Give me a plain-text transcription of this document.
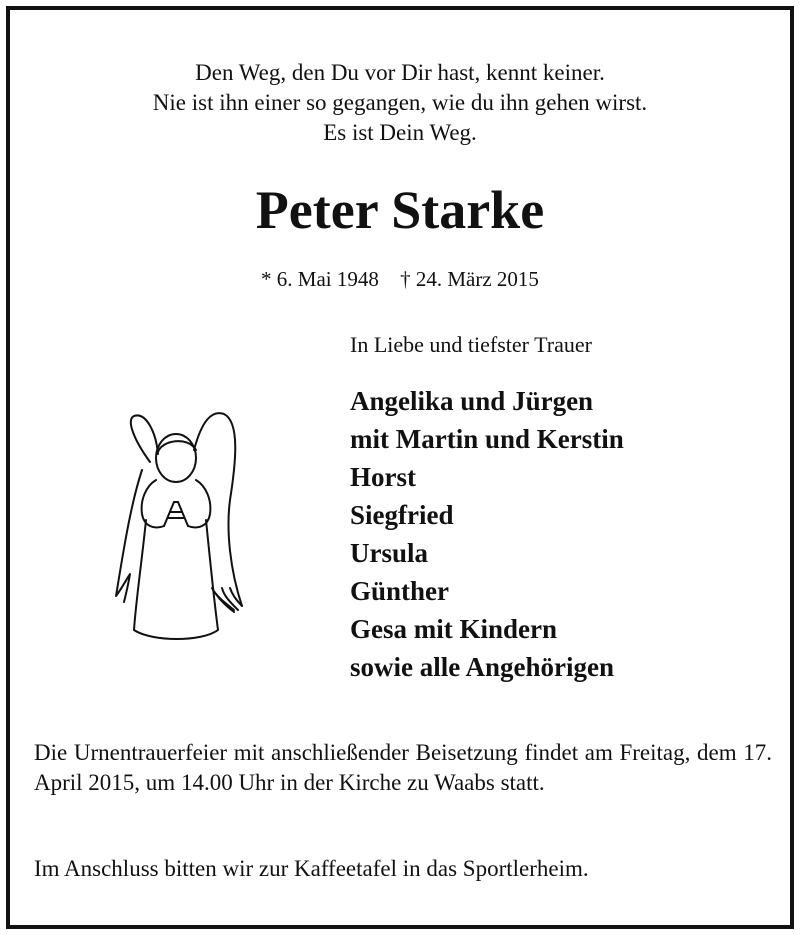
Den Weg, den Du vor Dir hast, kennt keiner.
Nie ist ihn einer so gegangen, wie du ihn gehen wirst.
Es ist Dein Weg.
Peter Starke
* 6. Mai 1948 † 24. März 2015
In Liebe und tiefster Trauer
Angelika und Jürgen
mit Martin und Kerstin
Horst
Siegfried
Ursula
Günther
Gesa mit Kindern
sowie alle Angehörigen
Die Urnentrauerfeier mit anschließender Beisetzung findet am Freitag, dem 17. April 2015, um 14.00 Uhr in der Kirche zu Waabs statt.
Im Anschluss bitten wir zur Kaffeetafel in das Sportlerheim.
